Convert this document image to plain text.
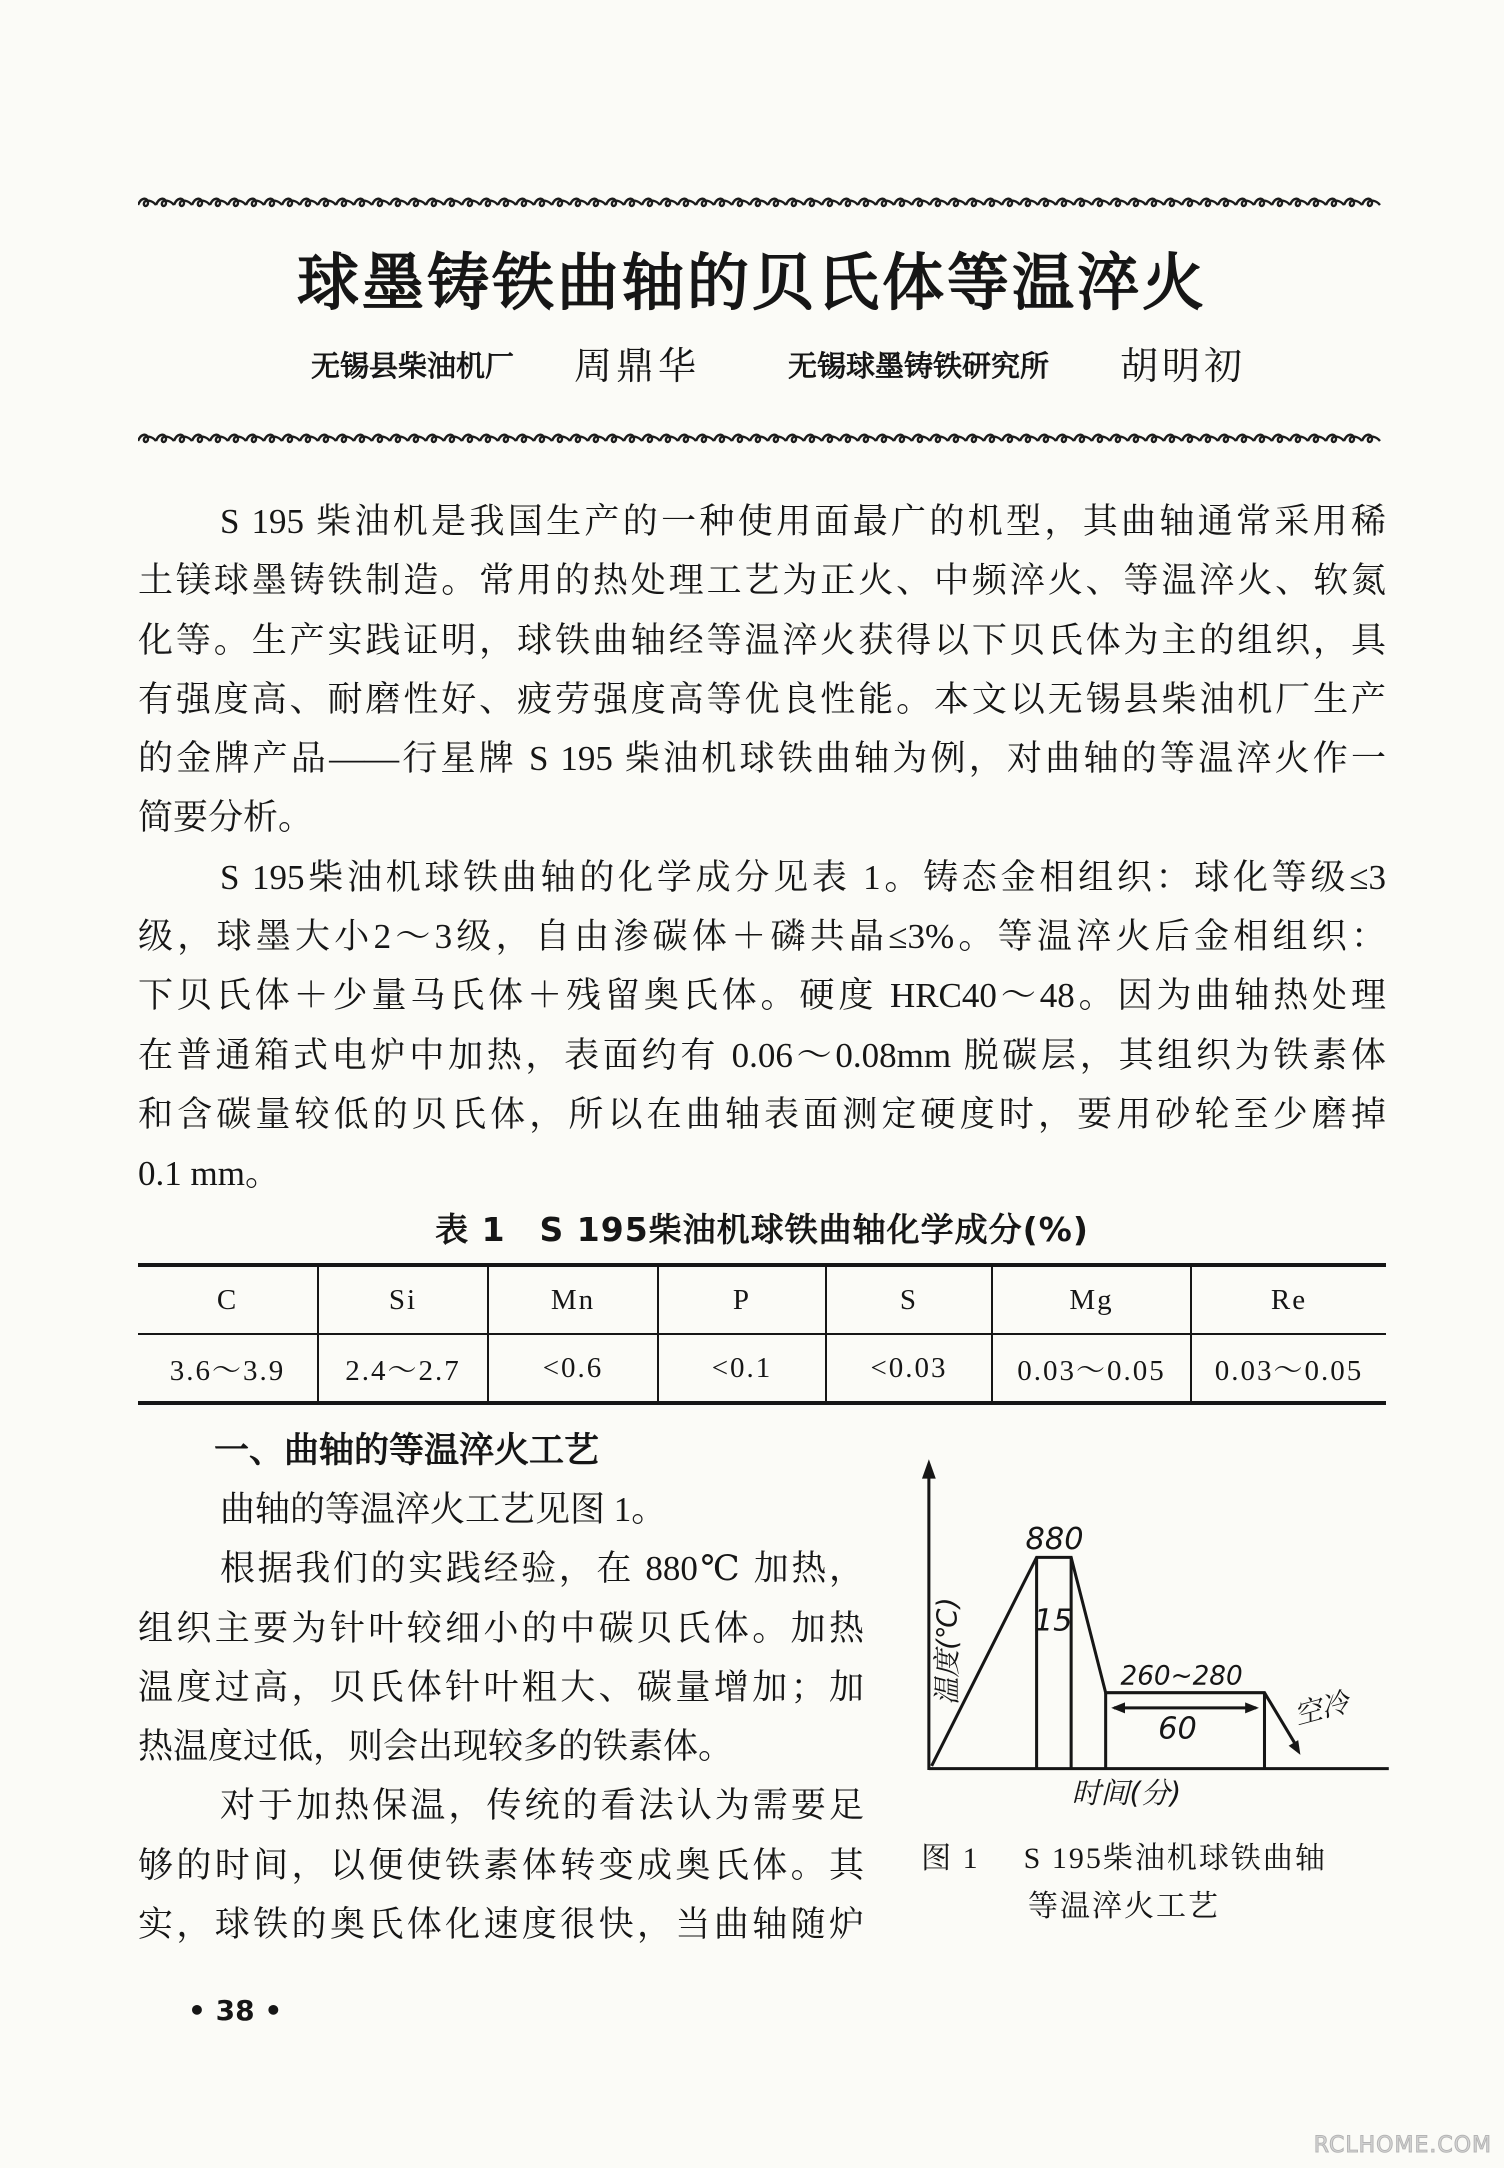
球墨铸铁曲轴的贝氏体等温淬火
无锡县柴油机厂 周鼎华	无锡球墨铸铁研究所 胡明初
S 195 柴油机是我国生产的一种使用面最广的机型，其曲轴通常采用稀
土镁球墨铸铁制造。常用的热处理工艺为正火、中频淬火、等温淬火、软氮
化等。生产实践证明，球铁曲轴经等温淬火获得以下贝氏体为主的组织，具
有强度高、耐磨性好、疲劳强度高等优良性能。本文以无锡县柴油机厂生产
的金牌产品——行星牌 S 195 柴油机球铁曲轴为例，对曲轴的等温淬火作一
简要分析。
S 195柴油机球铁曲轴的化学成分见表 1。铸态金相组织：球化等级≤3
级，球墨大小2～3级，自由渗碳体＋磷共晶≤3%。等温淬火后金相组织：
下贝氏体＋少量马氏体＋残留奥氏体。硬度 HRC40～48。因为曲轴热处理
在普通箱式电炉中加热，表面约有 0.06～0.08mm 脱碳层，其组织为铁素体
和含碳量较低的贝氏体，所以在曲轴表面测定硬度时，要用砂轮至少磨掉
0.1 mm。
表 1　S 195柴油机球铁曲轴化学成分(%)
C	Si	Mn	P	S	Mg	Re
3.6～3.9	2.4～2.7	<0.6	<0.1	<0.03	0.03～0.05	0.03～0.05
一、曲轴的等温淬火工艺
曲轴的等温淬火工艺见图 1。
根据我们的实践经验，在 880℃ 加热，
组织主要为针叶较细小的中碳贝氏体。加热
温度过高，贝氏体针叶粗大、碳量增加；加
热温度过低，则会出现较多的铁素体。
对于加热保温，传统的看法认为需要足
够的时间，以便使铁素体转变成奥氏体。其
实，球铁的奥氏体化速度很快，当曲轴随炉
880
15
260~280
60	空冷
温度(℃)
时间(分)
图 1 S 195柴油机球铁曲轴
等温淬火工艺
• 38 •
RCLHOME.COM
